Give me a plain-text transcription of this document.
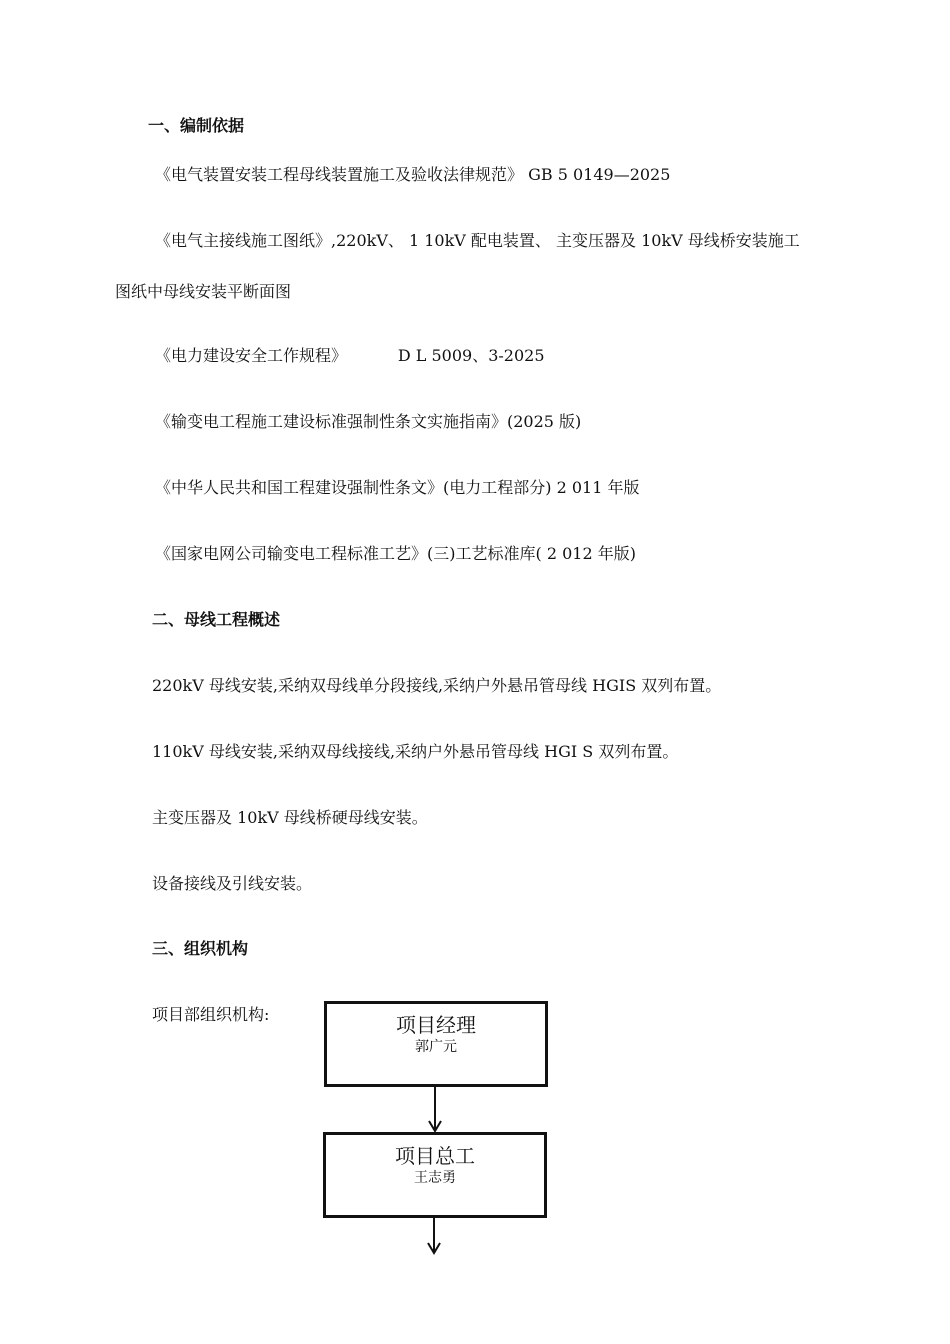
一、编制依据
《电气装置安装工程母线装置施工及验收法律规范》 GB 5 0149—2025
《电气主接线施工图纸》,220kV、 1 10kV 配电装置、 主变压器及 10kV 母线桥安装施工
图纸中母线安装平断面图
《电力建设安全工作规程》          D L 5009、3-2025
《输变电工程施工建设标准强制性条文实施指南》(2025 版)
《中华人民共和国工程建设强制性条文》(电力工程部分) 2 011 年版
《国家电网公司输变电工程标准工艺》(三)工艺标准库( 2 012 年版)
二、母线工程概述
220kV 母线安装,采纳双母线单分段接线,采纳户外悬吊管母线 HGIS 双列布置。
110kV 母线安装,采纳双母线接线,采纳户外悬吊管母线 HGI S 双列布置。
主变压器及 10kV 母线桥硬母线安装。
设备接线及引线安装。
三、组织机构
项目部组织机构:	项目经理
郭广元
项目总工
王志勇
